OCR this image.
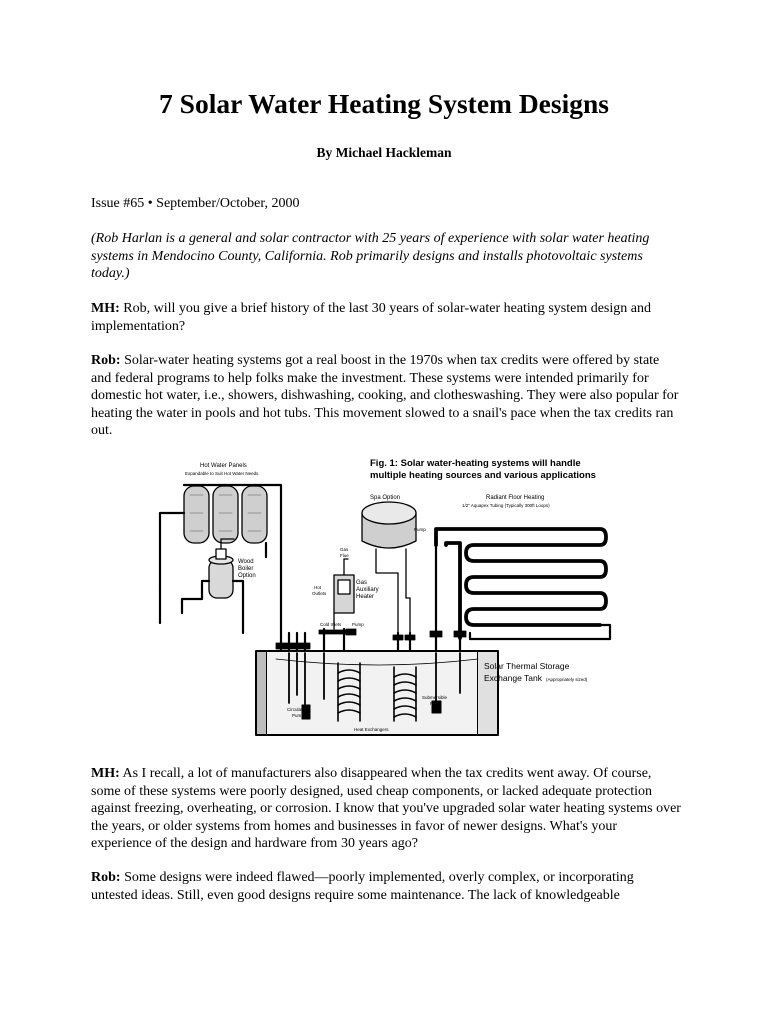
7 Solar Water Heating System Designs

By Michael Hackleman

Issue #65 • September/October, 2000

(Rob Harlan is a general and solar contractor with 25 years of experience with solar water heating systems in Mendocino County, California. Rob primarily designs and installs photovoltaic systems today.)

MH: Rob, will you give a brief history of the last 30 years of solar-water heating system design and implementation?

Rob: Solar-water heating systems got a real boost in the 1970s when tax credits were offered by state and federal programs to help folks make the investment. These systems were intended primarily for domestic hot water, i.e., showers, dishwashing, cooking, and clotheswashing. They were also popular for heating the water in pools and hot tubs. This movement slowed to a snail's pace when the tax credits ran out.

Fig. 1: Solar water-heating systems will handle
multiple heating sources and various applications
Hot Water Panels
Expandable to Suit Hot Water Needs
Spa Option	Radiant Floor Heating
1/2" Aquapex Tubing (Typically 300ft Loops)
Wood
Boiler
Option
Gas
Flue
Hot
Outlets
Gas
Auxiliary
Heater
Pump
Pump
Cold Inlets
Solar Thermal Storage
Exchange Tank (Appropriately sized)
Circulating
Pump
Submersible
Pump
Heat Exchangers

MH: As I recall, a lot of manufacturers also disappeared when the tax credits went away. Of course, some of these systems were poorly designed, used cheap components, or lacked adequate protection against freezing, overheating, or corrosion. I know that you've upgraded solar water heating systems over the years, or older systems from homes and businesses in favor of newer designs. What's your experience of the design and hardware from 30 years ago?

Rob: Some designs were indeed flawed—poorly implemented, overly complex, or incorporating untested ideas. Still, even good designs require some maintenance. The lack of knowledgeable
